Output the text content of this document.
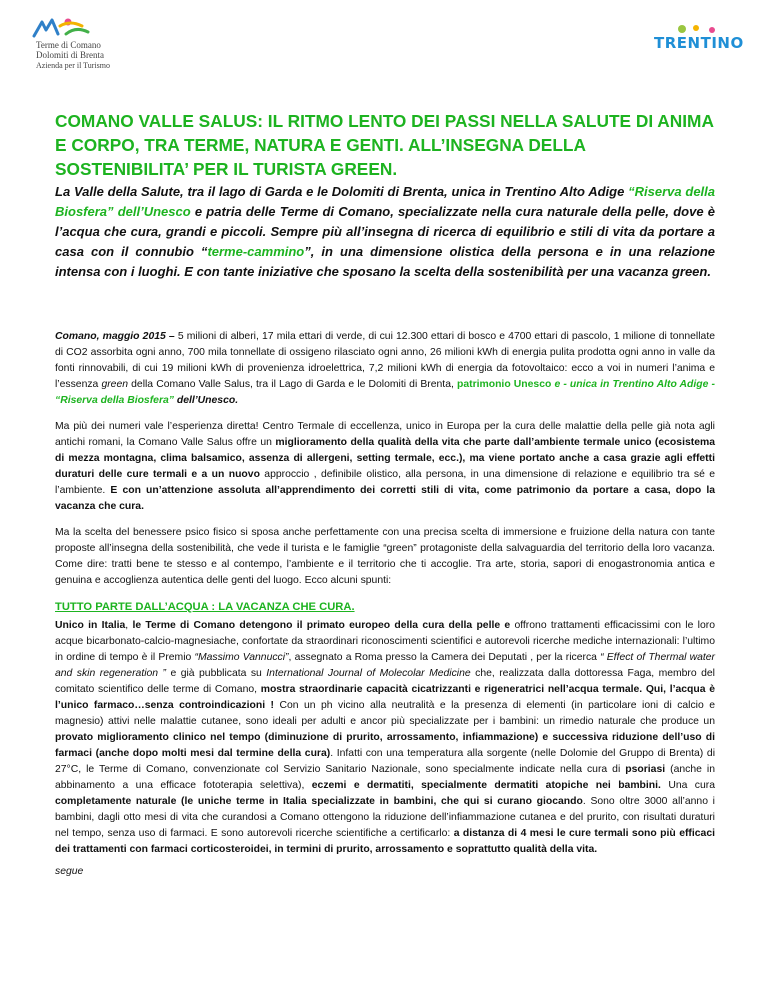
Terme di Comano
Dolomiti di Brenta
Azienda per il Turismo
TRENTINO
COMANO VALLE SALUS: IL RITMO LENTO DEI PASSI NELLA SALUTE DI ANIMA E CORPO, TRA TERME, NATURA E GENTI. ALL’INSEGNA DELLA SOSTENIBILITA’ PER IL TURISTA GREEN.

La Valle della Salute, tra il lago di Garda e le Dolomiti di Brenta, unica in Trentino Alto Adige “Riserva della Biosfera” dell’Unesco e patria delle Terme di Comano, specializzate nella cura naturale della pelle, dove è l’acqua che cura, grandi e piccoli. Sempre più all’insegna di ricerca di equilibrio e stili di vita da portare a casa con il connubio “terme-cammino”, in una dimensione olistica della persona e in una relazione intensa con i luoghi. E con tante iniziative che sposano la scelta della sostenibilità per una vacanza green.

Comano, maggio 2015 – 5 milioni di alberi, 17 mila ettari di verde, di cui 12.300 ettari di bosco e 4700 ettari di pascolo, 1 milione di tonnellate di CO2 assorbita ogni anno, 700 mila tonnellate di ossigeno rilasciato ogni anno, 26 milioni kWh di energia pulita prodotta ogni anno in valle da fonti rinnovabili, di cui 19 milioni kWh di provenienza idroelettrica, 7,2 milioni kWh di energia da fotovoltaico: ecco a voi in numeri l’anima e l’essenza green della Comano Valle Salus, tra il Lago di Garda e le Dolomiti di Brenta, patrimonio Unesco e - unica in Trentino Alto Adige - “Riserva della Biosfera” dell’Unesco.

Ma più dei numeri vale l’esperienza diretta! Centro Termale di eccellenza, unico in Europa per la cura delle malattie della pelle già nota agli antichi romani, la Comano Valle Salus offre un miglioramento della qualità della vita che parte dall’ambiente termale unico (ecosistema di mezza montagna, clima balsamico, assenza di allergeni, setting termale, ecc.), ma viene portato anche a casa grazie agli effetti duraturi delle cure termali e a un nuovo approccio , definibile olistico, alla persona, in una dimensione di relazione e equilibrio tra sé e l’ambiente. E con un’attenzione assoluta all’apprendimento dei corretti stili di vita, come patrimonio da portare a casa, dopo la vacanza che cura.

Ma la scelta del benessere psico fisico si sposa anche perfettamente con una precisa scelta di immersione e fruizione della natura con tante proposte all’insegna della sostenibilità, che vede il turista e le famiglie “green” protagoniste della salvaguardia del territorio della loro vacanza. Come dire: tratti bene te stesso e al contempo, l’ambiente e il territorio che ti accoglie. Tra arte, storia, sapori di enogastronomia antica e genuina e accoglienza autentica delle genti del luogo. Ecco alcuni spunti:

TUTTO PARTE DALL’ACQUA : LA VACANZA CHE CURA.

Unico in Italia, le Terme di Comano detengono il primato europeo della cura della pelle e offrono trattamenti efficacissimi con le loro acque bicarbonato-calcio-magnesiache, confortate da straordinari riconoscimenti scientifici e autorevoli ricerche mediche internazionali: l’ultimo in ordine di tempo è il Premio “Massimo Vannucci”, assegnato a Roma presso la Camera dei Deputati , per la ricerca “ Effect of Thermal water and skin regeneration ” e già pubblicata su International Journal of Molecolar Medicine che, realizzata dalla dottoressa Faga, membro del comitato scientifico delle terme di Comano, mostra straordinarie capacità cicatrizzanti e rigeneratrici nell’acqua termale. Qui, l’acqua è l’unico farmaco…senza controindicazioni ! Con un ph vicino alla neutralità e la presenza di elementi (in particolare ioni di calcio e magnesio) attivi nelle malattie cutanee, sono ideali per adulti e ancor più specializzate per i bambini: un rimedio naturale che produce un provato miglioramento clinico nel tempo (diminuzione di prurito, arrossamento, infiammazione) e successiva riduzione dell’uso di farmaci (anche dopo molti mesi dal termine della cura). Infatti con una temperatura alla sorgente (nelle Dolomie del Gruppo di Brenta) di 27°C, le Terme di Comano, convenzionate col Servizio Sanitario Nazionale, sono specialmente indicate nella cura di psoriasi (anche in abbinamento a una efficace fototerapia selettiva), eczemi e dermatiti, specialmente dermatiti atopiche nei bambini. Una cura completamente naturale (le uniche terme in Italia specializzate in bambini, che qui si curano giocando. Sono oltre 3000 all’anno i bambini, dagli otto mesi di vita che curandosi a Comano ottengono la riduzione dell’infiammazione cutanea e del prurito, con risultati duraturi nel tempo, senza uso di farmaci. E sono autorevoli ricerche scientifiche a certificarlo: a distanza di 4 mesi le cure termali sono più efficaci dei trattamenti con farmaci corticosteroidei, in termini di prurito, arrossamento e soprattutto qualità della vita.

segue
